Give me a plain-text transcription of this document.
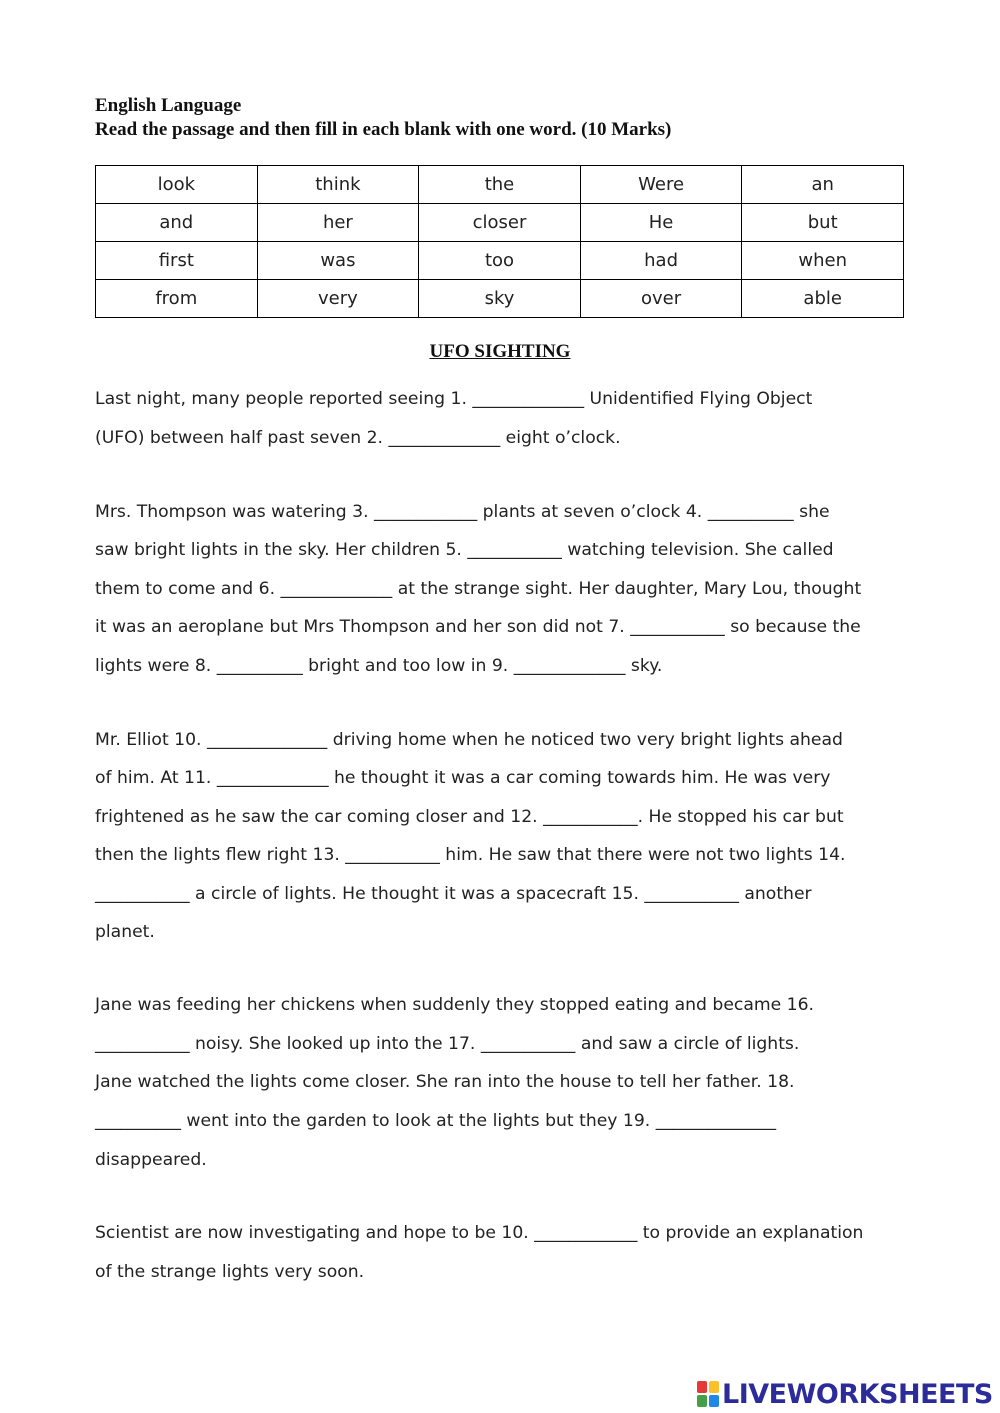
English Language
Read the passage and then fill in each blank with one word. (10 Marks)
look	think	the	Were	an
and	her	closer	He	but
first	was	too	had	when
from	very	sky	over	able
UFO SIGHTING
Last night, many people reported seeing 1. _____________ Unidentified Flying Object
(UFO) between half past seven 2. _____________ eight o’clock.
Mrs. Thompson was watering 3. ____________ plants at seven o’clock 4. __________ she
saw bright lights in the sky. Her children 5. ___________ watching television. She called
them to come and 6. _____________ at the strange sight. Her daughter, Mary Lou, thought
it was an aeroplane but Mrs Thompson and her son did not 7. ___________ so because the
lights were 8. __________ bright and too low in 9. _____________ sky.
Mr. Elliot 10. ______________ driving home when he noticed two very bright lights ahead
of him. At 11. _____________ he thought it was a car coming towards him. He was very
frightened as he saw the car coming closer and 12. ___________. He stopped his car but
then the lights flew right 13. ___________ him. He saw that there were not two lights 14.
___________ a circle of lights. He thought it was a spacecraft 15. ___________ another
planet.
Jane was feeding her chickens when suddenly they stopped eating and became 16.
___________ noisy. She looked up into the 17. ___________ and saw a circle of lights.
Jane watched the lights come closer. She ran into the house to tell her father. 18.
__________ went into the garden to look at the lights but they 19. ______________
disappeared.
Scientist are now investigating and hope to be 10. ____________ to provide an explanation
of the strange lights very soon.
LIVEWORKSHEETS
